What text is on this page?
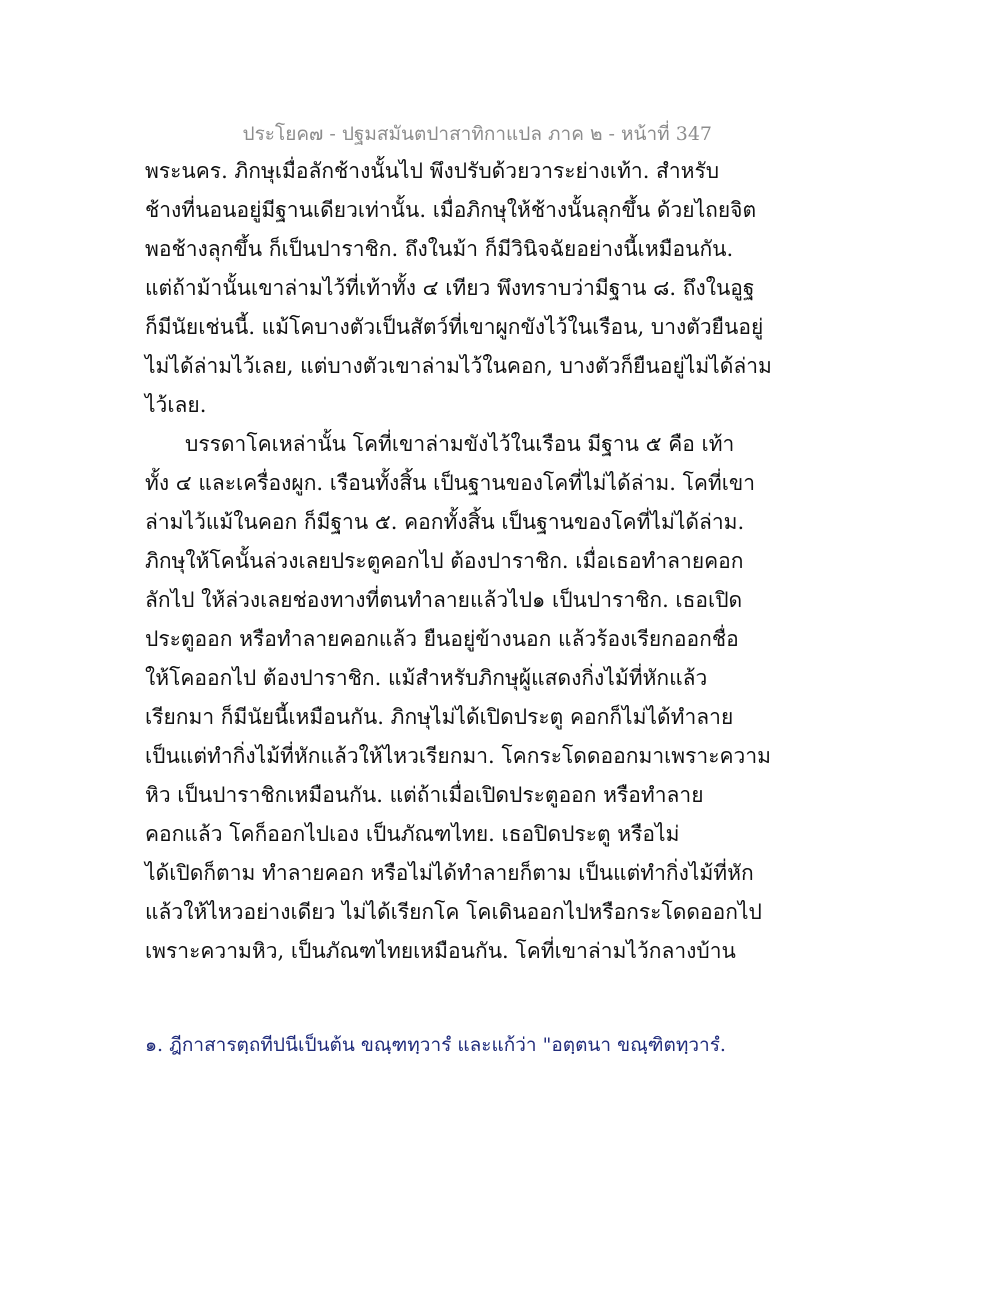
ประโยค๗ - ปฐมสมันตปาสาทิกาแปล ภาค ๒ - หน้าที่ 347
พระนคร. ภิกษุเมื่อลักช้างนั้นไป พึงปรับด้วยวาระย่างเท้า. สำหรับ
ช้างที่นอนอยู่มีฐานเดียวเท่านั้น. เมื่อภิกษุให้ช้างนั้นลุกขึ้น ด้วยไถยจิต
พอช้างลุกขึ้น ก็เป็นปาราชิก. ถึงในม้า ก็มีวินิจฉัยอย่างนี้เหมือนกัน.
แต่ถ้าม้านั้นเขาล่ามไว้ที่เท้าทั้ง ๔ เทียว พึงทราบว่ามีฐาน ๘. ถึงในอูฐ
ก็มีนัยเช่นนี้. แม้โคบางตัวเป็นสัตว์ที่เขาผูกขังไว้ในเรือน, บางตัวยืนอยู่
ไม่ได้ล่ามไว้เลย, แต่บางตัวเขาล่ามไว้ในคอก, บางตัวก็ยืนอยู่ไม่ได้ล่าม
ไว้เลย.
บรรดาโคเหล่านั้น โคที่เขาล่ามขังไว้ในเรือน มีฐาน ๕ คือ เท้า
ทั้ง ๔ และเครื่องผูก. เรือนทั้งสิ้น เป็นฐานของโคที่ไม่ได้ล่าม. โคที่เขา
ล่ามไว้แม้ในคอก ก็มีฐาน ๕. คอกทั้งสิ้น เป็นฐานของโคที่ไม่ได้ล่าม.
ภิกษุให้โคนั้นล่วงเลยประตูคอกไป ต้องปาราชิก. เมื่อเธอทำลายคอก
ลักไป ให้ล่วงเลยช่องทางที่ตนทำลายแล้วไป๑ เป็นปาราชิก. เธอเปิด
ประตูออก หรือทำลายคอกแล้ว ยืนอยู่ข้างนอก แล้วร้องเรียกออกชื่อ
ให้โคออกไป ต้องปาราชิก. แม้สำหรับภิกษุผู้แสดงกิ่งไม้ที่หักแล้ว
เรียกมา ก็มีนัยนี้เหมือนกัน. ภิกษุไม่ได้เปิดประตู คอกก็ไม่ได้ทำลาย
เป็นแต่ทำกิ่งไม้ที่หักแล้วให้ไหวเรียกมา. โคกระโดดออกมาเพราะความ
หิว เป็นปาราชิกเหมือนกัน. แต่ถ้าเมื่อเปิดประตูออก หรือทำลาย
คอกแล้ว โคก็ออกไปเอง เป็นภัณฑไทย. เธอปิดประตู หรือไม่
ได้เปิดก็ตาม ทำลายคอก หรือไม่ได้ทำลายก็ตาม เป็นแต่ทำกิ่งไม้ที่หัก
แล้วให้ไหวอย่างเดียว ไม่ได้เรียกโค โคเดินออกไปหรือกระโดดออกไป
เพราะความหิว, เป็นภัณฑไทยเหมือนกัน. โคที่เขาล่ามไว้กลางบ้าน
๑. ฎีกาสารตฺถทีปนีเป็นต้น ขณฺฑทฺวารํ และแก้ว่า "อตฺตนา ขณฺฑิตทฺวารํ.
